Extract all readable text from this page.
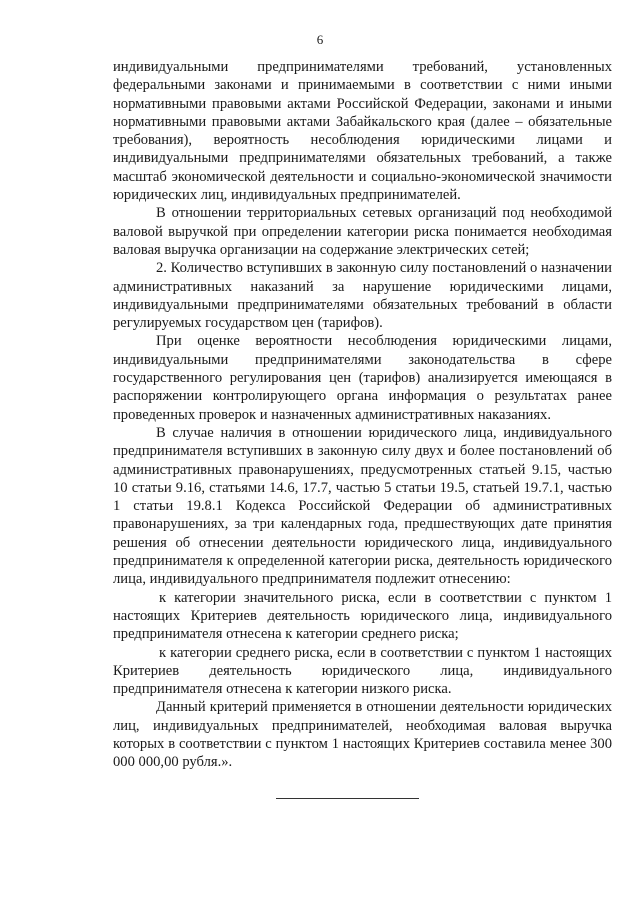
6

индивидуальными предпринимателями требований, установленных федеральными законами и принимаемыми в соответствии с ними иными нормативными правовыми актами Российской Федерации, законами и иными нормативными правовыми актами Забайкальского края (далее – обязательные требования), вероятность несоблюдения юридическими лицами и индивидуальными предпринимателями обязательных требований, а также масштаб экономической деятельности и социально-экономической значимости юридических лиц, индивидуальных предпринимателей.

В отношении территориальных сетевых организаций под необходимой валовой выручкой при определении категории риска понимается необходимая валовая выручка организации на содержание электрических сетей;

2. Количество вступивших в законную силу постановлений о назначении административных наказаний за нарушение юридическими лицами, индивидуальными предпринимателями обязательных требований в области регулируемых государством цен (тарифов).

При оценке вероятности несоблюдения юридическими лицами, индивидуальными предпринимателями законодательства в сфере государственного регулирования цен (тарифов) анализируется имеющаяся в распоряжении контролирующего органа информация о результатах ранее проведенных проверок и назначенных административных наказаниях.

В случае наличия в отношении юридического лица, индивидуального предпринимателя вступивших в законную силу двух и более постановлений об административных правонарушениях, предусмотренных статьей 9.15, частью 10 статьи 9.16, статьями 14.6, 17.7, частью 5 статьи 19.5, статьей 19.7.1, частью 1 статьи 19.8.1 Кодекса Российской Федерации об административных правонарушениях, за три календарных года, предшествующих дате принятия решения об отнесении деятельности юридического лица, индивидуального предпринимателя к определенной категории риска, деятельность юридического лица, индивидуального предпринимателя подлежит отнесению:

к категории значительного риска, если в соответствии с пунктом 1 настоящих Критериев деятельность юридического лица, индивидуального предпринимателя отнесена к категории среднего риска;

к категории среднего риска, если в соответствии с пунктом 1 настоящих Критериев деятельность юридического лица, индивидуального предпринимателя отнесена к категории низкого риска.

Данный критерий применяется в отношении деятельности юридических лиц, индивидуальных предпринимателей, необходимая валовая выручка которых в соответствии с пунктом 1 настоящих Критериев составила менее 300 000 000,00 рубля.».
